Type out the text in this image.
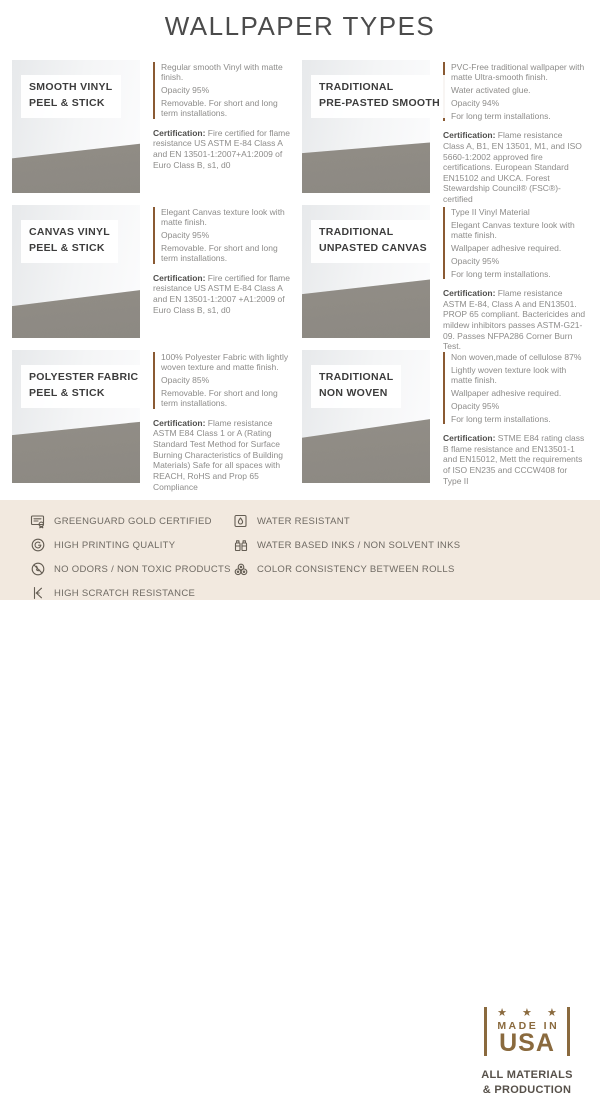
WALLPAPER TYPES
SMOOTH VINYL
PEEL & STICK

Regular smooth Vinyl with matte finish.

Opacity 95%

Removable. For short and long term installations.

Certification: Fire certified for flame resistance US ASTM E-84 Class A and EN 13501-1:2007+A1:2009 of Euro Class B, s1, d0

TRADITIONAL
PRE-PASTED SMOOTH

PVC-Free traditional wallpaper with matte Ultra-smooth finish.

Water activated glue.

Opacity 94%

For long term installations.

Certification: Flame resistance Class A, B1, EN 13501, M1, and ISO 5660-1:2002 approved fire certifications. European Standard EN15102 and UKCA. Forest Stewardship Council® (FSC®)-certified

CANVAS VINYL
PEEL & STICK

Elegant Canvas texture look with matte finish.

Opacity 95%

Removable. For short and long term installations.

Certification: Fire certified for flame resistance US ASTM E-84 Class A and EN 13501-1:2007 +A1:2009 of Euro Class B, s1, d0

TRADITIONAL
UNPASTED CANVAS

Type II Vinyl Material

Elegant Canvas texture look with matte finish.

Wallpaper adhesive required.

Opacity 95%

For long term installations.

Certification: Flame resistance ASTM E-84, Class A and EN13501. PROP 65 compliant. Bactericides and mildew inhibitors passes ASTM-G21-09. Passes NFPA286 Corner Burn Test.

POLYESTER FABRIC
PEEL & STICK

100% Polyester Fabric with lightly woven texture and matte finish.

Opacity 85%

Removable. For short and long term installations.

Certification: Flame resistance ASTM E84 Class 1 or A (Rating Standard Test Method for Surface Burning Characteristics of Building Materials) Safe for all spaces with REACH, RoHS and Prop 65 Compliance

TRADITIONAL
NON WOVEN

Non woven,made of cellulose 87%

Lightly woven texture look with matte finish.

Wallpaper adhesive required.

Opacity 95%

For long term installations.

Certification: STME E84 rating class B flame resistance and EN13501-1 and EN15012, Mett the requirements of ISO EN235 and CCCW408 for Type II

GREENGUARD GOLD CERTIFIED
HIGH PRINTING QUALITY
NO ODORS / NON TOXIC PRODUCTS
HIGH SCRATCH RESISTANCE
WATER RESISTANT
WATER BASED INKS / NON SOLVENT INKS
COLOR CONSISTENCY BETWEEN ROLLS
★ ★ ★
MADE IN
USA
ALL MATERIALS
& PRODUCTION
